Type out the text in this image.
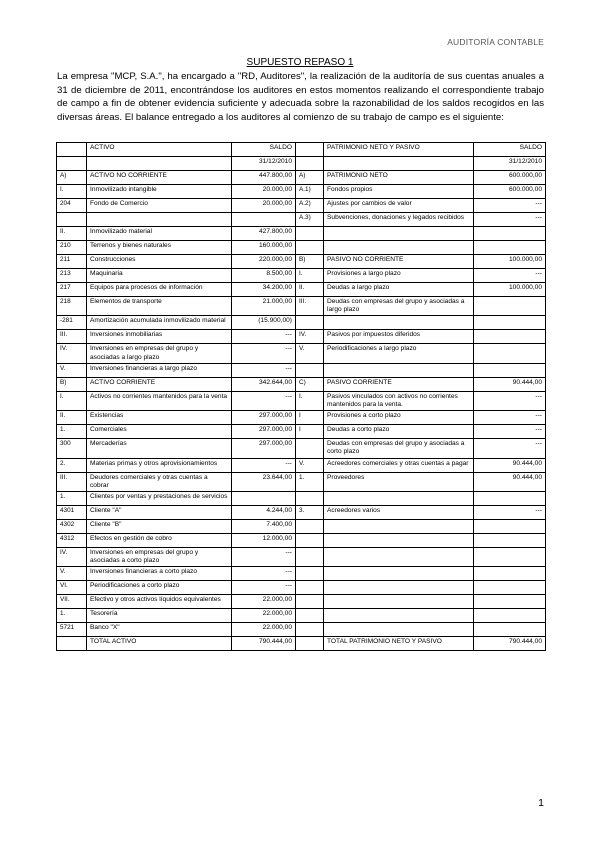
AUDITORÍA CONTABLE
SUPUESTO REPASO 1
La empresa "MCP, S.A.", ha encargado a "RD, Auditores", la realización de la auditoría de sus cuentas anuales a 31 de diciembre de 2011, encontrándose los auditores en estos momentos realizando el correspondiente trabajo de campo a fin de obtener evidencia suficiente y adecuada sobre la razonabilidad de los saldos recogidos en las diversas áreas. El balance entregado a los auditores al comienzo de su trabajo de campo es el siguiente:
	ACTIVO	SALDO		PATRIMONIO NETO Y PASIVO	SALDO
		31/12/2010			31/12/2010
A)	ACTIVO NO CORRIENTE	447.800,00	A)	PATRIMONIO NETO	600.000,00
I.	Inmovilizado intangible	20.000,00	A.1)	Fondos propios	600.000,00
204	Fondo de Comercio	20.000,00	A.2)	Ajustes por cambios de valor	---
			A.3)	Subvenciones, donaciones y legados recibidos	---
II.	Inmovilizado material	427.800,00			
210	Terrenos y bienes naturales	160.000,00			
211	Construcciones	220.000,00	B)	PASIVO NO CORRIENTE	100.000,00
213	Maquinaria	8.500,00	I.	Provisiones a largo plazo	---
217	Equipos para procesos de información	34.200,00	II.	Deudas a largo plazo	100.000,00
218	Elementos de transporte	21.000,00	III.	Deudas con empresas del grupo y asociadas a largo plazo	
-281	Amortización acumulada inmovilizado material	(15.900,00)			
III.	Inversiones inmobiliarias	---	IV.	Pasivos por impuestos diferidos	
IV.	Inversiones en empresas del grupo y asociadas a largo plazo	---	V.	Periodificaciones a largo plazo	
V.	Inversiones financieras a largo plazo	---			
B)	ACTIVO CORRIENTE	342.644,00	C)	PASIVO CORRIENTE	90.444,00
I.	Activos no corrientes mantenidos para la venta	---	I.	Pasivos vinculados con activos no corrientes mantenidos para la venta.	---
II.	Existencias	297.000,00	I	Provisiones a corto plazo	---
1.	Comerciales	297.000,00	I	Deudas a corto plazo	---
300	Mercaderías	297.000,00		Deudas con empresas del grupo y asociadas a corto plazo	---
2.	Materias primas y otros aprovisionamientos	---	V.	Acreedores comerciales y otras cuentas a pagar	90.444,00
III.	Deudores comerciales y otras cuentas a cobrar	23.644,00	1.	Proveedores	90.444,00
1.	Clientes por ventas y prestaciones de servicios				
4301	Cliente "A"	4.244,00	3.	Acreedores varios	---
4302	Cliente "B"	7.400,00			
4312	Efectos en gestión de cobro	12.000,00			
IV.	Inversiones en empresas del grupo y asociadas a corto plazo	---			
V.	Inversiones financieras a corto plazo	---			
VI.	Periodificaciones a corto plazo	---			
VII.	Efectivo y otros activos líquidos equivalentes	22.000,00			
1.	Tesorería	22.000,00			
5721	Banco "X"	22.000,00			
	TOTAL ACTIVO	790.444,00		TOTAL PATRIMONIO NETO Y PASIVO	790.444,00
1
